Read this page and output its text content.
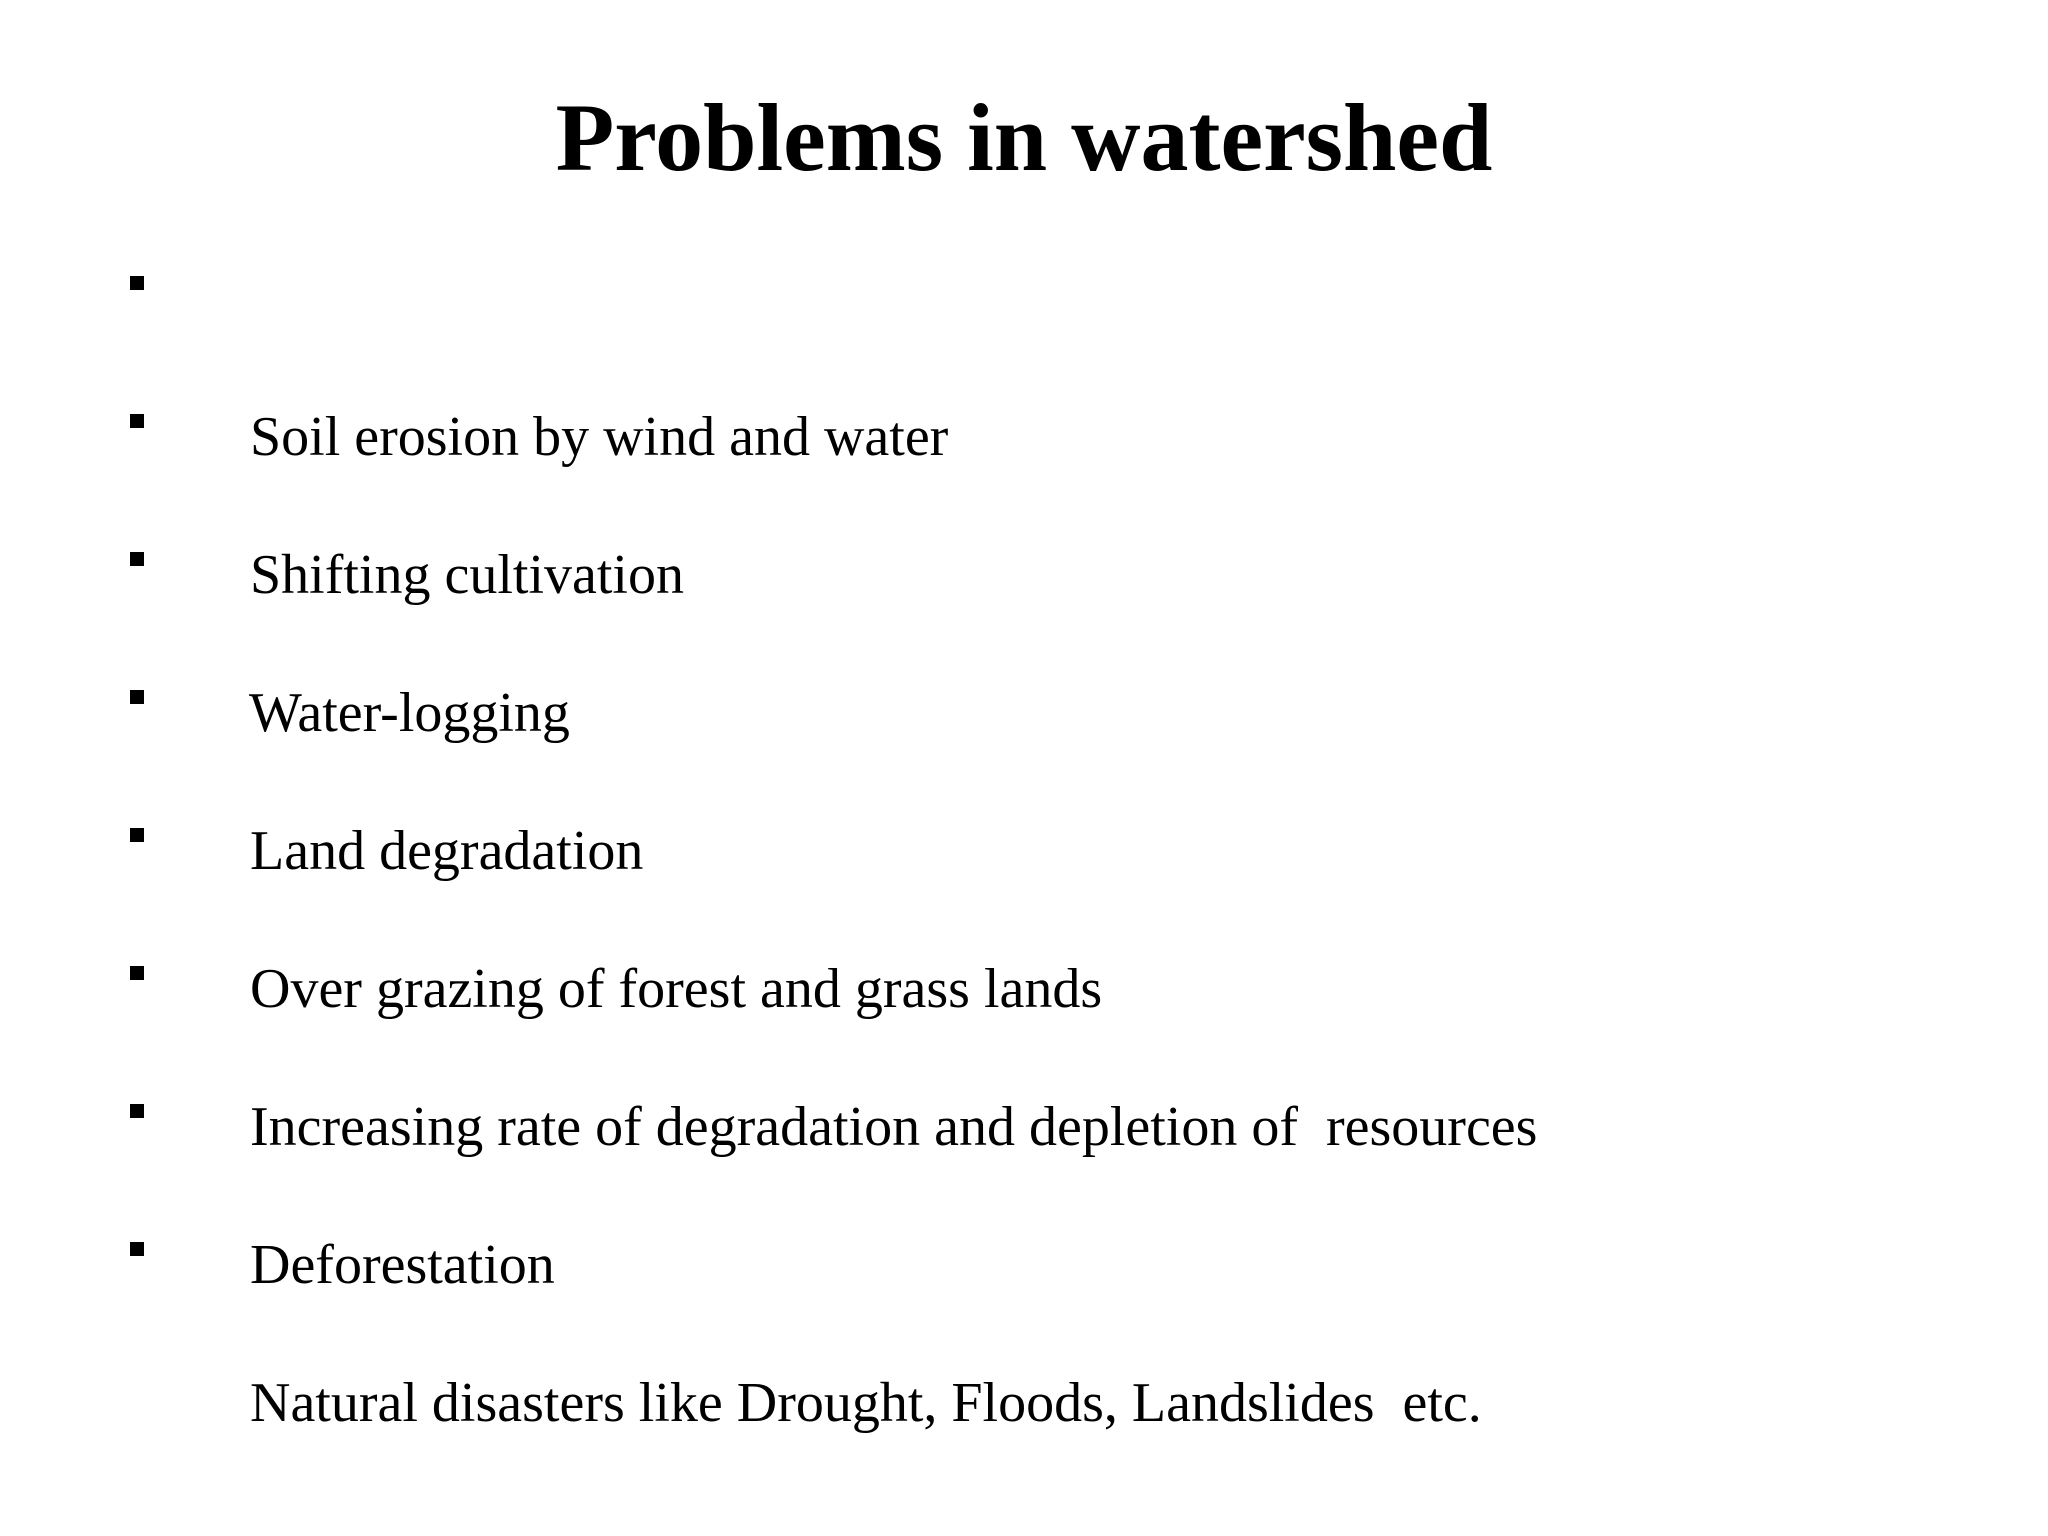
Problems in watershed

Soil erosion by wind and water

Shifting cultivation

Water-logging

Land degradation

Over grazing of forest and grass lands

Increasing rate of degradation and depletion of  resources

Deforestation

Natural disasters like Drought, Floods, Landslides  etc.
